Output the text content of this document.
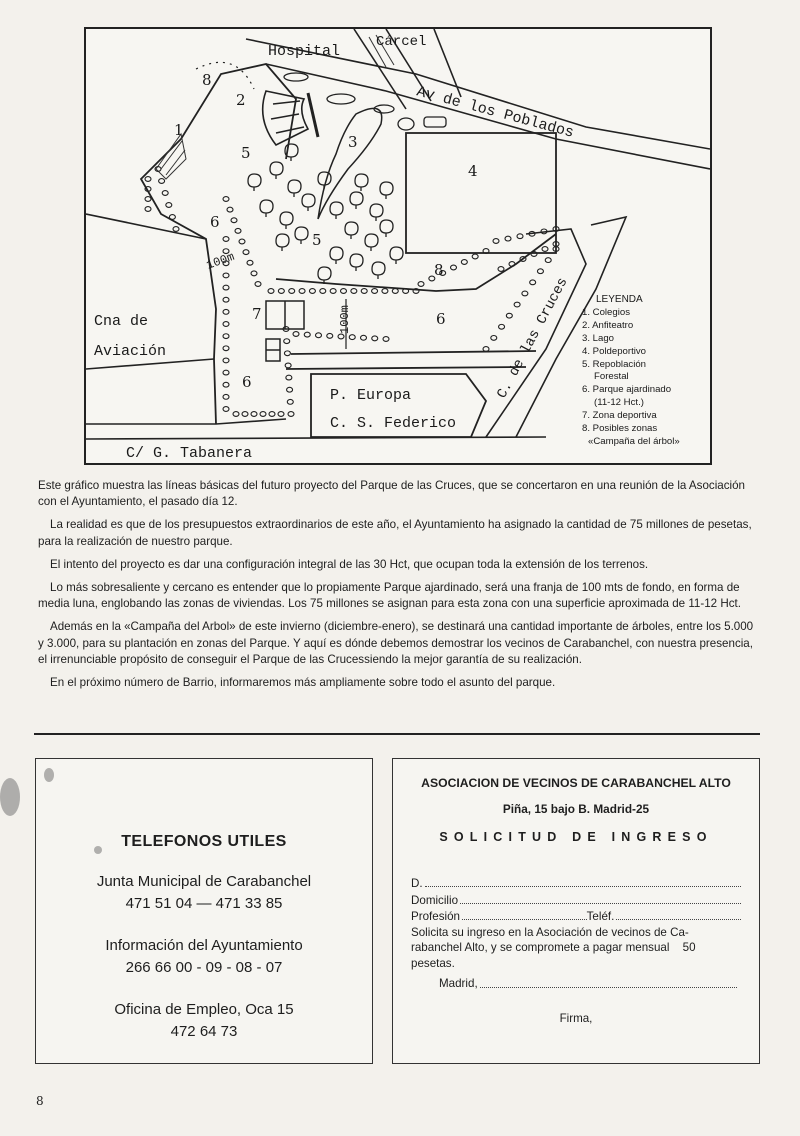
Hospital
Cárcel
Av de los Poblados
Cna de
Aviación
P. Europa
C. S. Federico
C/ G. Tabanera
C. de las Cruces
100m
100m
1
2
3
4
5
5
6
6
6
7
8
8
LEYENDA
1. Colegios
2. Anfiteatro
3. Lago
4. Poldeportivo
5. Repoblación
Forestal
6. Parque ajardinado
(11-12 Hct.)
7. Zona deportiva
8. Posibles zonas
«Campaña del árbol»

Este gráfico muestra las líneas básicas del futuro proyecto del Parque de las Cruces, que se concertaron en una reunión de la Asociación con el Ayuntamiento, el pasado día 12.

La realidad es que de los presupuestos extraordinarios de este año, el Ayuntamiento ha asignado la cantidad de 75 millones de pesetas, para la realización de nuestro parque.

El intento del proyecto es dar una configuración integral de las 30 Hct, que ocupan toda la extensión de los terrenos.

Lo más sobresaliente y cercano es entender que lo propiamente Parque ajardinado, será una franja de 100 mts de fondo, en forma de media luna, englobando las zonas de viviendas. Los 75 millones se asignan para esta zona con una superficie aproximada de 11-12 Hct.

Además en la «Campaña del Arbol» de este invierno (diciembre-enero), se destinará una cantidad importante de árboles, entre los 5.000 y 3.000, para su plantación en zonas del Parque. Y aquí es dónde debemos demostrar los vecinos de Carabanchel, con nuestra presencia, el irrenunciable propósito de conseguir el Parque de las Crucessiendo la mejor garantía de su realización.

En el próximo número de Barrio, informaremos más ampliamente sobre todo el asunto del parque.

TELEFONOS UTILES
Junta Municipal de Carabanchel
471 51 04 — 471 33 85
Información del Ayuntamiento
266 66 00 - 09 - 08 - 07
Oficina de Empleo, Oca 15
472 64 73
ASOCIACION DE VECINOS DE CARABANCHEL ALTO
Piña, 15 bajo B. Madrid-25
SOLICITUD DE INGRESO
D.
Domicilio
Profesión	Teléf.
Solicita su ingreso en la Asociación de vecinos de Ca-
rabanchel Alto, y se compromete a pagar mensual 50
pesetas.
Madrid,
Firma,
8
